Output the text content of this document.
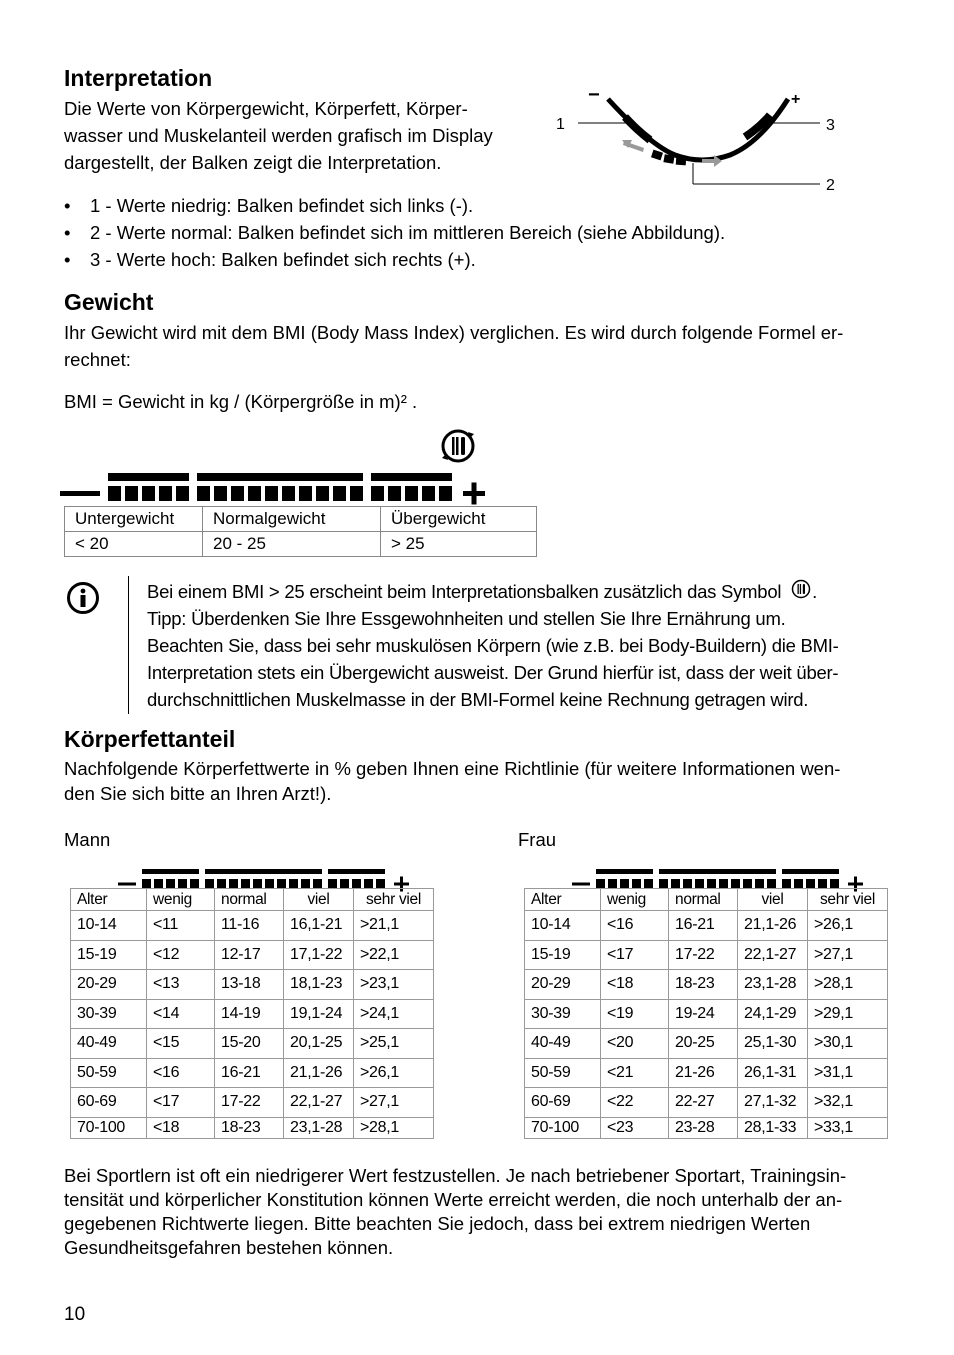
Interpretation
Die Werte von Körpergewicht, Körperfett, Körper-
wasser und Muskelanteil werden grafisch im Display
dargestellt, der Balken zeigt die Interpretation.
−	+
1	3
2
• 1 - Werte niedrig: Balken befindet sich links (-).
• 2 - Werte normal: Balken befindet sich im mittleren Bereich (siehe Abbildung).
• 3 - Werte hoch: Balken befindet sich rechts (+).
Gewicht
Ihr Gewicht wird mit dem BMI (Body Mass Index) verglichen. Es wird durch folgende Formel er-
rechnet:
BMI = Gewicht in kg / (Körpergröße in m)² .
Untergewicht	Normalgewicht	Übergewicht
< 20	20 - 25	> 25
Bei einem BMI > 25 erscheint beim Interpretationsbalken zusätzlich das Symbol .
Tipp: Überdenken Sie Ihre Essgewohnheiten und stellen Sie Ihre Ernährung um.
Beachten Sie, dass bei sehr muskulösen Körpern (wie z.B. bei Body-Buildern) die BMI-
Interpretation stets ein Übergewicht ausweist. Der Grund hierfür ist, dass der weit über-
durchschnittlichen Muskelmasse in der BMI-Formel keine Rechnung getragen wird.
Körperfettanteil
Nachfolgende Körperfettwerte in % geben Ihnen eine Richtlinie (für weitere Informationen wen-
den Sie sich bitte an Ihren Arzt!).
Mann	Frau
Alter	wenig	normal	viel	sehr viel
10-14	<11	11-16	16,1-21	>21,1
15-19	<12	12-17	17,1-22	>22,1
20-29	<13	13-18	18,1-23	>23,1
30-39	<14	14-19	19,1-24	>24,1
40-49	<15	15-20	20,1-25	>25,1
50-59	<16	16-21	21,1-26	>26,1
60-69	<17	17-22	22,1-27	>27,1
70-100	<18	18-23	23,1-28	>28,1
Alter	wenig	normal	viel	sehr viel
10-14	<16	16-21	21,1-26	>26,1
15-19	<17	17-22	22,1-27	>27,1
20-29	<18	18-23	23,1-28	>28,1
30-39	<19	19-24	24,1-29	>29,1
40-49	<20	20-25	25,1-30	>30,1
50-59	<21	21-26	26,1-31	>31,1
60-69	<22	22-27	27,1-32	>32,1
70-100	<23	23-28	28,1-33	>33,1
Bei Sportlern ist oft ein niedrigerer Wert festzustellen. Je nach betriebener Sportart, Trainingsin-
tensität und körperlicher Konstitution können Werte erreicht werden, die noch unterhalb der an-
gegebenen Richtwerte liegen. Bitte beachten Sie jedoch, dass bei extrem niedrigen Werten
Gesundheitsgefahren bestehen können.
10
